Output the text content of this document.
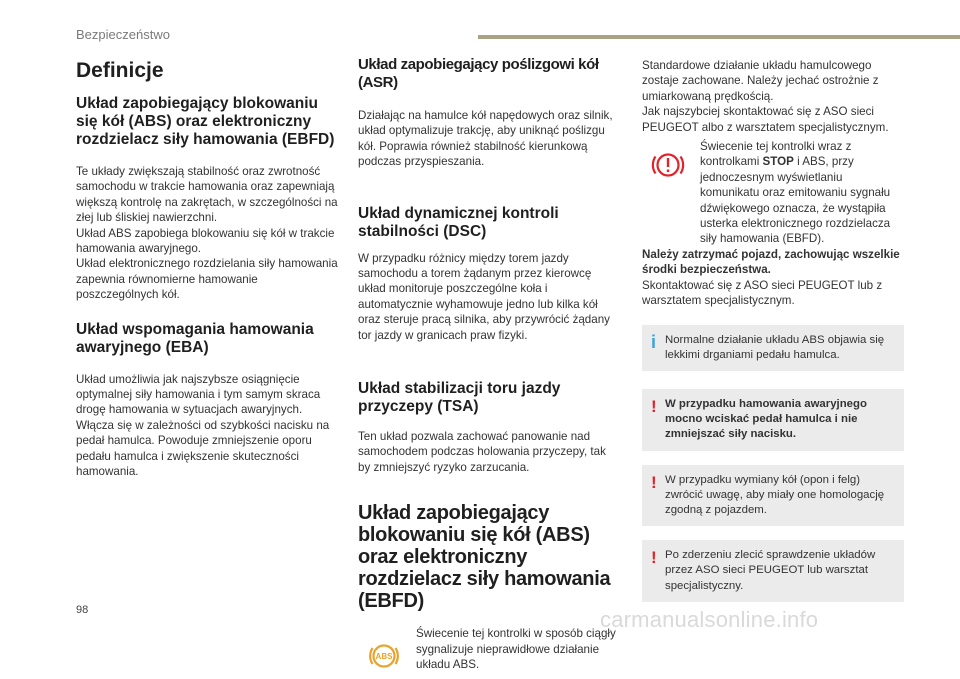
Bezpieczeństwo
Definicje
Układ zapobiegający blokowaniu się kół (ABS) oraz elektroniczny rozdzielacz siły hamowania (EBFD)

Te układy zwiększają stabilność oraz zwrotność samochodu w trakcie hamowania oraz zapewniają większą kontrolę na zakrętach, w szczególności na złej lub śliskiej nawierzchni.
Układ ABS zapobiega blokowaniu się kół w trakcie hamowania awaryjnego.
Układ elektronicznego rozdzielania siły hamowania zapewnia równomierne hamowanie poszczególnych kół.

Układ wspomagania hamowania awaryjnego (EBA)

Układ umożliwia jak najszybsze osiągnięcie optymalnej siły hamowania i tym samym skraca drogę hamowania w sytuacjach awaryjnych.
Włącza się w zależności od szybkości nacisku na pedał hamulca. Powoduje zmniejszenie oporu pedału hamulca i zwiększenie skuteczności hamowania.

Układ zapobiegający poślizgowi kół (ASR)

Działając na hamulce kół napędowych oraz silnik, układ optymalizuje trakcję, aby uniknąć poślizgu kół. Poprawia również stabilność kierunkową podczas przyspieszania.

Układ dynamicznej kontroli stabilności (DSC)

W przypadku różnicy między torem jazdy samochodu a torem żądanym przez kierowcę układ monitoruje poszczególne koła i automatycznie wyhamowuje jedno lub kilka kół oraz steruje pracą silnika, aby przywrócić żądany tor jazdy w granicach praw fizyki.

Układ stabilizacji toru jazdy przyczepy (TSA)

Ten układ pozwala zachować panowanie nad samochodem podczas holowania przyczepy, tak by zmniejszyć ryzyko zarzucania.

Układ zapobiegający blokowaniu się kół (ABS) oraz elektroniczny rozdzielacz siły hamowania (EBFD)
ABS

Świecenie tej kontrolki w sposób ciągły sygnalizuje nieprawidłowe działanie układu ABS.

Standardowe działanie układu hamulcowego zostaje zachowane. Należy jechać ostrożnie z umiarkowaną prędkością.
Jak najszybciej skontaktować się z ASO sieci PEUGEOT albo z warsztatem specjalistycznym.

Świecenie tej kontrolki wraz z kontrolkami STOP i ABS, przy jednoczesnym wyświetlaniu komunikatu oraz emitowaniu sygnału dźwiękowego oznacza, że wystąpiła usterka elektronicznego rozdzielacza siły hamowania (EBFD).

Należy zatrzymać pojazd, zachowując wszelkie środki bezpieczeństwa.

Skontaktować się z ASO sieci PEUGEOT lub z warsztatem specjalistycznym.

i Normalne działanie układu ABS objawia się lekkimi drganiami pedału hamulca.

! W przypadku hamowania awaryjnego mocno wciskać pedał hamulca i nie zmniejszać siły nacisku.

! W przypadku wymiany kół (opon i felg) zwrócić uwagę, aby miały one homologację zgodną z pojazdem.

! Po zderzeniu zlecić sprawdzenie układów przez ASO sieci PEUGEOT lub warsztat specjalistyczny.

98	carmanualsonline.info
